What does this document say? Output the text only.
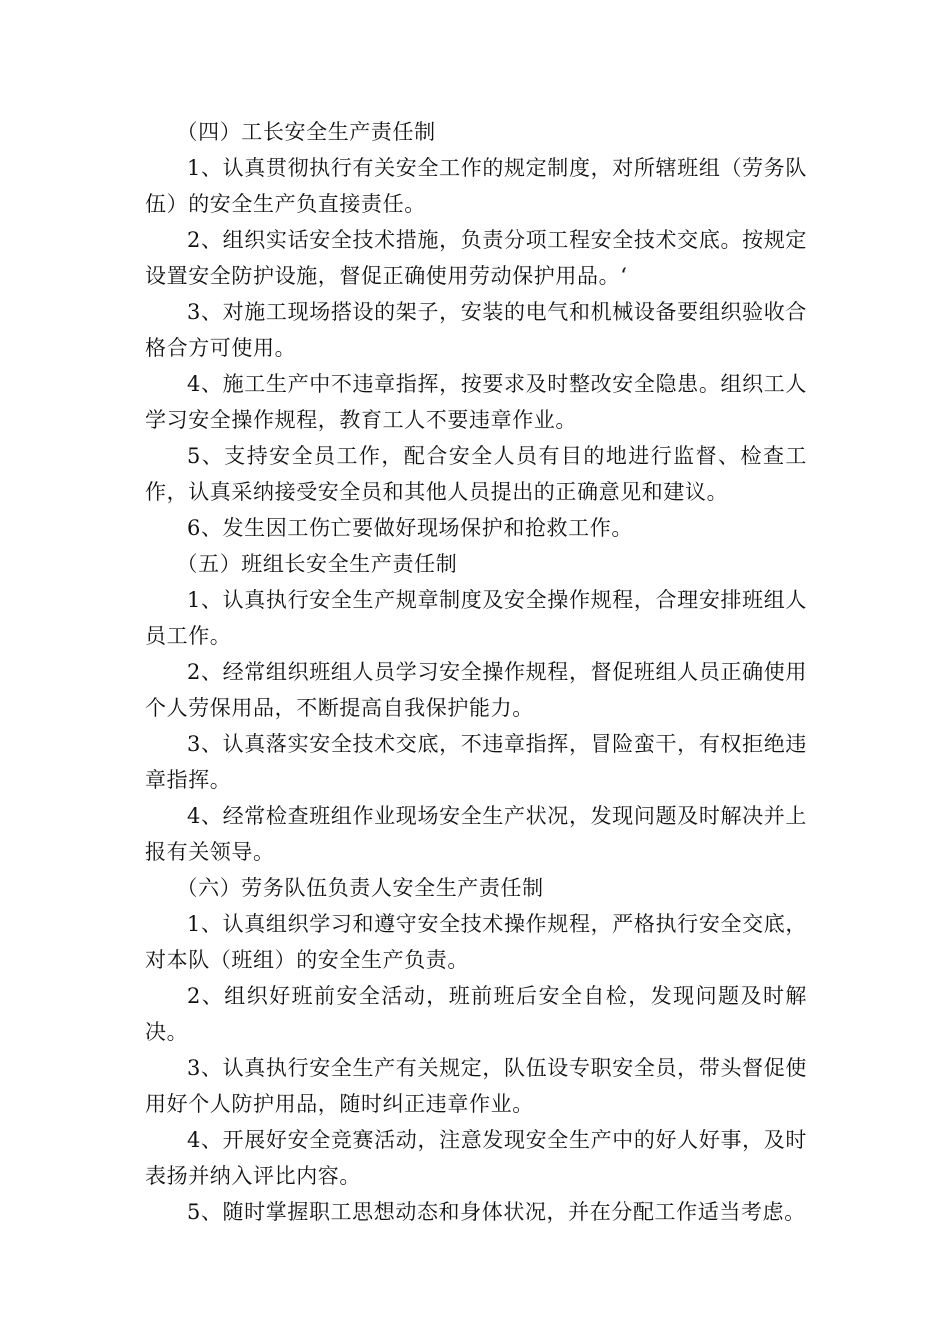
（四）工长安全生产责任制

1、认真贯彻执行有关安全工作的规定制度，对所辖班组（劳务队伍）的安全生产负直接责任。

2、组织实话安全技术措施，负责分项工程安全技术交底。按规定设置安全防护设施，督促正确使用劳动保护用品。‘

3、对施工现场搭设的架子，安装的电气和机械设备要组织验收合格合方可使用。

4、施工生产中不违章指挥，按要求及时整改安全隐患。组织工人学习安全操作规程，教育工人不要违章作业。

5、支持安全员工作，配合安全人员有目的地进行监督、检查工作，认真采纳接受安全员和其他人员提出的正确意见和建议。

6、发生因工伤亡要做好现场保护和抢救工作。

（五）班组长安全生产责任制

1、认真执行安全生产规章制度及安全操作规程，合理安排班组人员工作。

2、经常组织班组人员学习安全操作规程，督促班组人员正确使用个人劳保用品，不断提高自我保护能力。

3、认真落实安全技术交底，不违章指挥，冒险蛮干，有权拒绝违章指挥。

4、经常检查班组作业现场安全生产状况，发现问题及时解决并上报有关领导。

（六）劳务队伍负责人安全生产责任制

1、认真组织学习和遵守安全技术操作规程，严格执行安全交底，对本队（班组）的安全生产负责。

2、组织好班前安全活动，班前班后安全自检，发现问题及时解决。

3、认真执行安全生产有关规定，队伍设专职安全员，带头督促使用好个人防护用品，随时纠正违章作业。

4、开展好安全竞赛活动，注意发现安全生产中的好人好事，及时表扬并纳入评比内容。

5、随时掌握职工思想动态和身体状况，并在分配工作适当考虑。
